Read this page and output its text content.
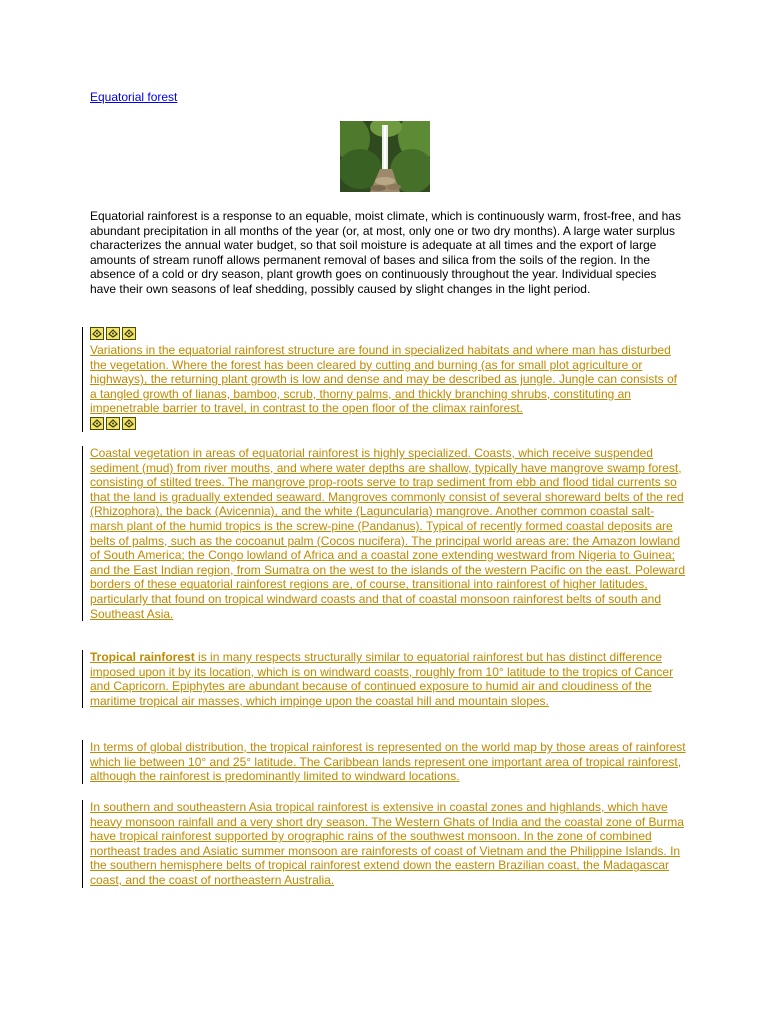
Equatorial forest

Equatorial rainforest is a response to an equable, moist climate, which is continuously warm, frost-free, and has abundant precipitation in all months of the year (or, at most, only one or two dry months). A large water surplus characterizes the annual water budget, so that soil moisture is adequate at all times and the export of large amounts of stream runoff allows permanent removal of bases and silica from the soils of the region. In the absence of a cold or dry season, plant growth goes on continuously throughout the year. Individual species have their own seasons of leaf shedding, possibly caused by slight changes in the light period.

Variations in the equatorial rainforest structure are found in specialized habitats and where man has disturbed the vegetation. Where the forest has been cleared by cutting and burning (as for small plot agriculture or highways), the returning plant growth is low and dense and may be described as jungle. Jungle can consists of a tangled growth of lianas, bamboo, scrub, thorny palms, and thickly branching shrubs, constituting an impenetrable barrier to travel, in contrast to the open floor of the climax rainforest.

Coastal vegetation in areas of equatorial rainforest is highly specialized. Coasts, which receive suspended sediment (mud) from river mouths, and where water depths are shallow, typically have mangrove swamp forest, consisting of stilted trees. The mangrove prop-roots serve to trap sediment from ebb and flood tidal currents so that the land is gradually extended seaward. Mangroves commonly consist of several shoreward belts of the red (Rhizophora), the back (Avicennia), and the white (Laguncularia) mangrove. Another common coastal salt-marsh plant of the humid tropics is the screw-pine (Pandanus). Typical of recently formed coastal deposits are belts of palms, such as the cocoanut palm (Cocos nucifera). The principal world areas are: the Amazon lowland of South America; the Congo lowland of Africa and a coastal zone extending westward from Nigeria to Guinea; and the East Indian region, from Sumatra on the west to the islands of the western Pacific on the east. Poleward borders of these equatorial rainforest regions are, of course, transitional into rainforest of higher latitudes, particularly that found on tropical windward coasts and that of coastal monsoon rainforest belts of south and Southeast Asia.

Tropical rainforest is in many respects structurally similar to equatorial rainforest but has distinct difference imposed upon it by its location, which is on windward coasts, roughly from 10° latitude to the tropics of Cancer and Capricorn. Epiphytes are abundant because of continued exposure to humid air and cloudiness of the maritime tropical air masses, which impinge upon the coastal hill and mountain slopes.

In terms of global distribution, the tropical rainforest is represented on the world map by those areas of rainforest which lie between 10° and 25° latitude. The Caribbean lands represent one important area of tropical rainforest, although the rainforest is predominantly limited to windward locations.

In southern and southeastern Asia tropical rainforest is extensive in coastal zones and highlands, which have heavy monsoon rainfall and a very short dry season. The Western Ghats of India and the coastal zone of Burma have tropical rainforest supported by orographic rains of the southwest monsoon. In the zone of combined northeast trades and Asiatic summer monsoon are rainforests of coast of Vietnam and the Philippine Islands. In the southern hemisphere belts of tropical rainforest extend down the eastern Brazilian coast, the Madagascar coast, and the coast of northeastern Australia.
